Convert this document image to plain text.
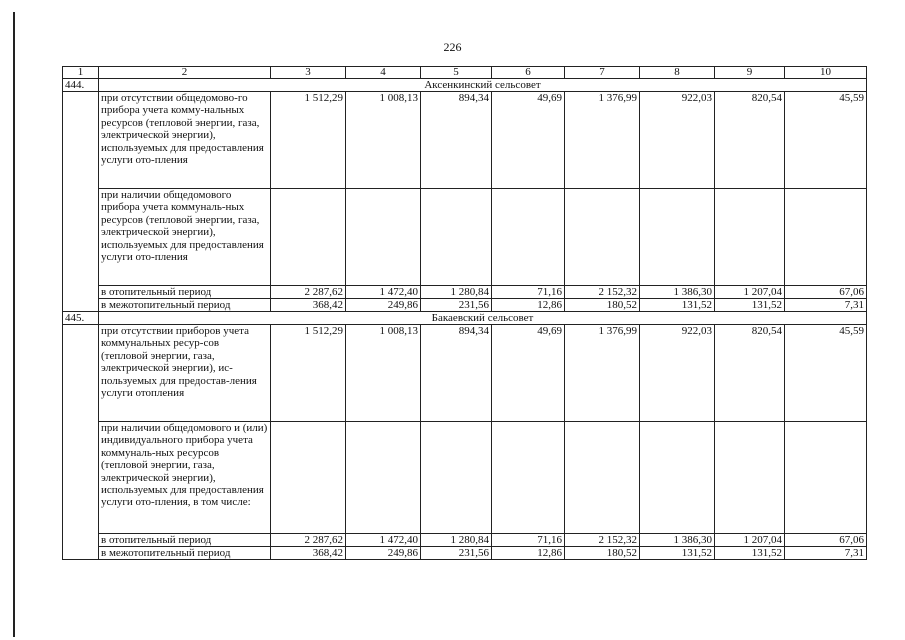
226
1	2	3	4	5	6	7	8	9	10
444.	Аксенкинский сельсовет								
	при отсутствии общедомово-го прибора учета комму-нальных ресурсов (тепловой энергии, газа, электрической энергии), используемых для предоставления услуги ото-пления	1 512,29	1 008,13	894,34	49,69	1 376,99	922,03	820,54	45,59
	при наличии общедомового прибора учета коммуналь-ных ресурсов (тепловой энергии, газа, электрической энергии), используемых для предоставления услуги ото-пления								
	в отопительный период	2 287,62	1 472,40	1 280,84	71,16	2 152,32	1 386,30	1 207,04	67,06
	в межотопительный период	368,42	249,86	231,56	12,86	180,52	131,52	131,52	7,31
445.	Бакаевский сельсовет								
	при отсутствии приборов учета коммунальных ресур-сов (тепловой энергии, газа, электрической энергии), ис-пользуемых для предостав-ления услуги отопления	1 512,29	1 008,13	894,34	49,69	1 376,99	922,03	820,54	45,59
	при наличии общедомового и (или) индивидуального прибора учета коммуналь-ных ресурсов (тепловой энергии, газа, электрической энергии), используемых для предоставления услуги ото-пления, в том числе:								
	в отопительный период	2 287,62	1 472,40	1 280,84	71,16	2 152,32	1 386,30	1 207,04	67,06
	в межотопительный период	368,42	249,86	231,56	12,86	180,52	131,52	131,52	7,31
